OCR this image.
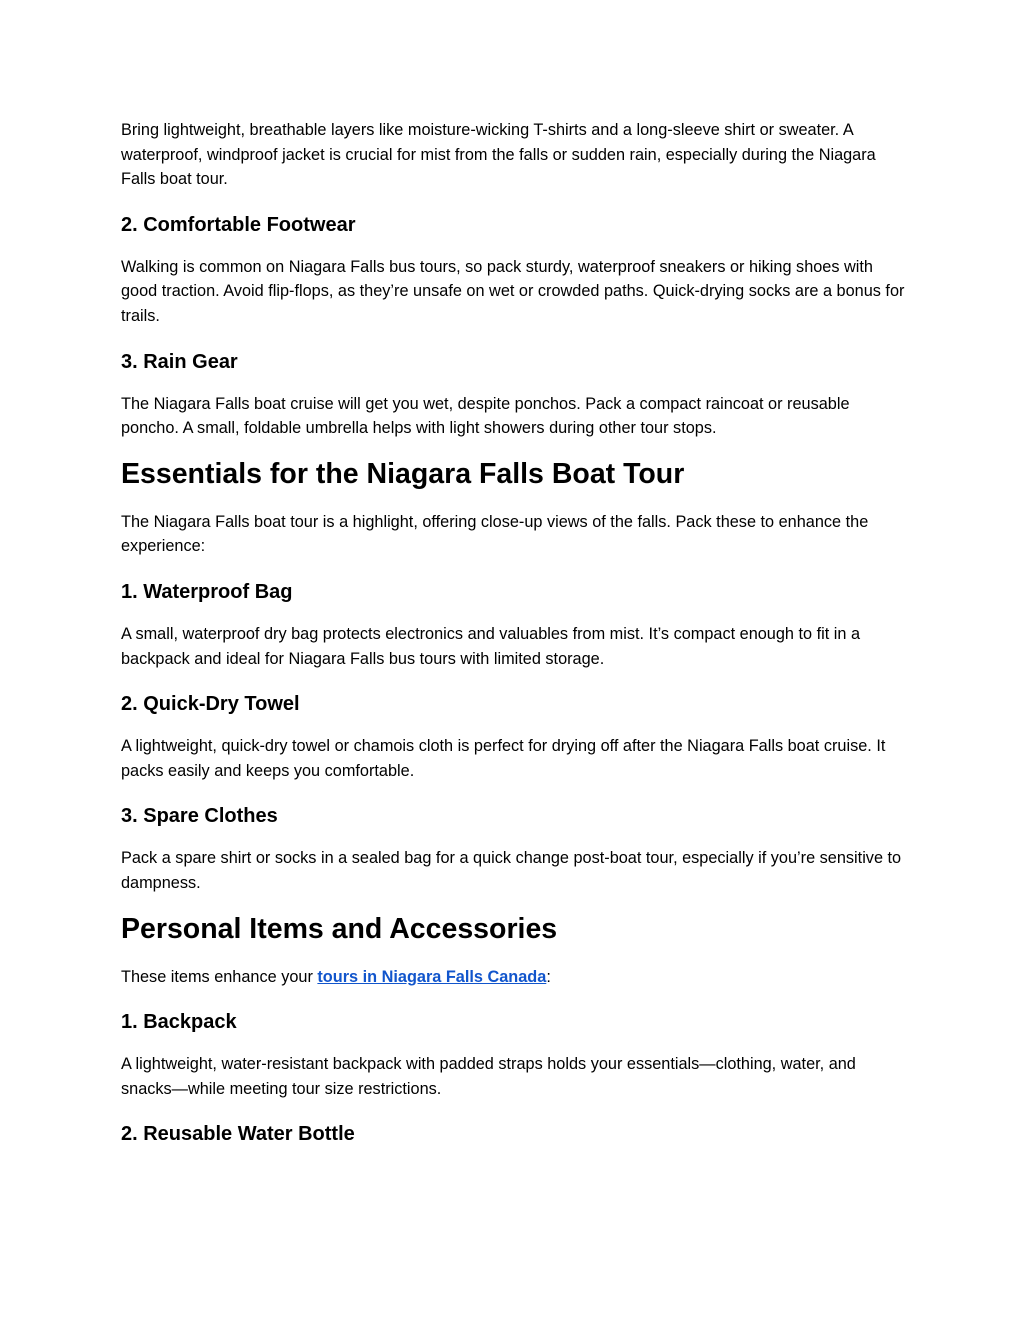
Bring lightweight, breathable layers like moisture-wicking T-shirts and a long-sleeve shirt or sweater. A waterproof, windproof jacket is crucial for mist from the falls or sudden rain, especially during the Niagara Falls boat tour.

2. Comfortable Footwear

Walking is common on Niagara Falls bus tours, so pack sturdy, waterproof sneakers or hiking shoes with good traction. Avoid flip-flops, as they’re unsafe on wet or crowded paths. Quick-drying socks are a bonus for trails.

3. Rain Gear

The Niagara Falls boat cruise will get you wet, despite ponchos. Pack a compact raincoat or reusable poncho. A small, foldable umbrella helps with light showers during other tour stops.

Essentials for the Niagara Falls Boat Tour

The Niagara Falls boat tour is a highlight, offering close-up views of the falls. Pack these to enhance the experience:

1. Waterproof Bag

A small, waterproof dry bag protects electronics and valuables from mist. It’s compact enough to fit in a backpack and ideal for Niagara Falls bus tours with limited storage.

2. Quick-Dry Towel

A lightweight, quick-dry towel or chamois cloth is perfect for drying off after the Niagara Falls boat cruise. It packs easily and keeps you comfortable.

3. Spare Clothes

Pack a spare shirt or socks in a sealed bag for a quick change post-boat tour, especially if you’re sensitive to dampness.

Personal Items and Accessories

These items enhance your tours in Niagara Falls Canada:

1. Backpack

A lightweight, water-resistant backpack with padded straps holds your essentials—clothing, water, and snacks—while meeting tour size restrictions.

2. Reusable Water Bottle
